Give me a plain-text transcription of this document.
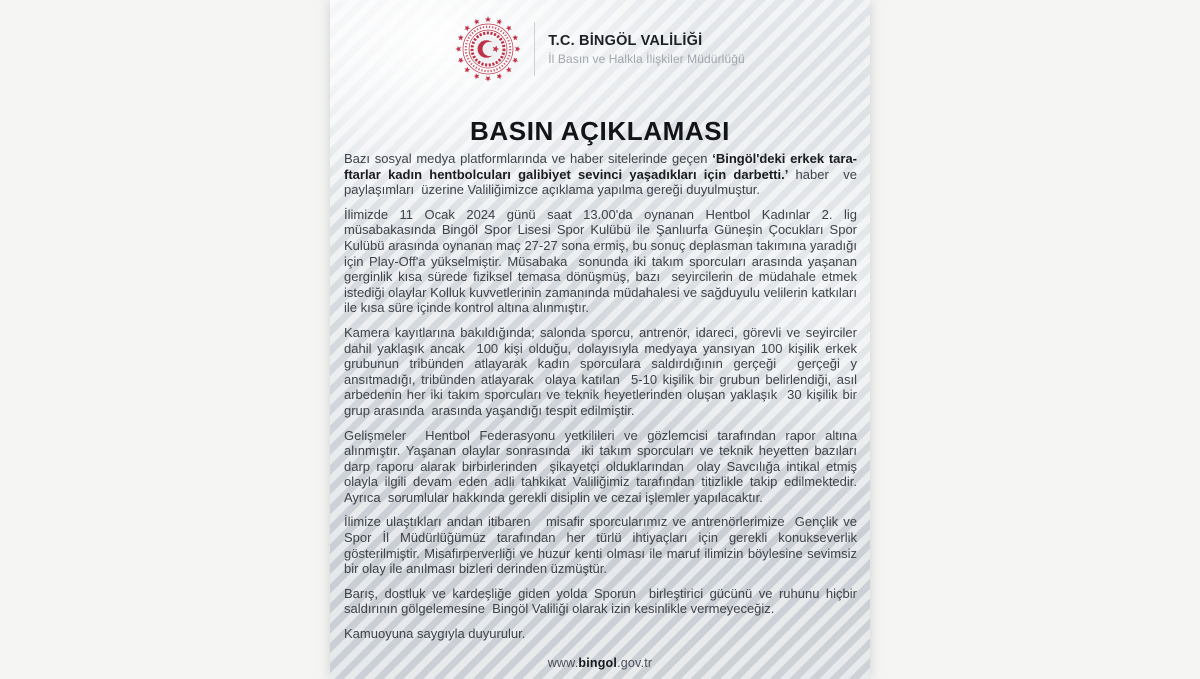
T.C. BİNGÖL VALİLİĞİ
İl Basın ve Halkla İlişkiler Müdürlüğü
BASIN AÇIKLAMASI

Bazı sosyal medya platformlarında ve haber sitelerinde geçen ‘Bingöl'deki erkek tara-ftarlar kadın hentbolcuları galibiyet sevinci yaşadıkları için darbetti.’ haber  ve paylaşımları  üzerine Valiliğimizce açıklama yapılma gereği duyulmuştur.

İlimizde 11 Ocak 2024 günü saat 13.00'da oynanan Hentbol Kadınlar 2. lig müsabakasında Bingöl Spor Lisesi Spor Kulübü ile Şanlıurfa Güneşin Çocukları Spor Kulübü arasında oynanan maç 27-27 sona ermiş, bu sonuç deplasman takımına yaradığı için Play-Off'a yükselmiştir. Müsabaka  sonunda iki takım sporcuları arasında yaşanan gerginlik kısa sürede fiziksel temasa dönüşmüş, bazı  seyircilerin de müdahale etmek istediği olaylar Kolluk kuvvetlerinin zamanında müdahalesi ve sağduyulu velilerin katkıları ile kısa süre içinde kontrol altına alınmıştır.

Kamera kayıtlarına bakıldığında; salonda sporcu, antrenör, idareci, görevli ve seyirciler dahil yaklaşık ancak  100 kişi olduğu, dolayısıyla medyaya yansıyan 100 kişilik erkek grubunun tribünden atlayarak kadın sporculara saldırdığının gerçeği  gerçeği y ansıtmadığı, tribünden atlayarak  olaya katılan  5-10 kişilik bir grubun belirlendiği, asıl arbedenin her iki takım sporcuları ve teknik heyetlerinden oluşan yaklaşık  30 kişilik bir grup arasında  arasında yaşandığı tespit edilmiştir.

Gelişmeler  Hentbol Federasyonu yetkilileri ve gözlemcisi tarafından rapor altına alınmıştır. Yaşanan olaylar sonrasında  iki takım sporcuları ve teknik heyetten bazıları darp raporu alarak birbirlerinden  şikayetçi olduklarından  olay Savcılığa intikal etmiş olayla ilgili devam eden adli tahkikat Valiliğimiz tarafından titizlikle takip edilmektedir. Ayrıca  sorumlular hakkında gerekli disiplin ve cezai işlemler yapılacaktır.

İlimize ulaştıkları andan itibaren   misafir sporcularımız ve antrenörlerimize  Gençlik ve Spor İl Müdürlüğümüz tarafından her türlü ihtiyaçları için gerekli konukseverlik gösterilmiştir. Misafirperverliği ve huzur kenti olması ile maruf ilimizin böylesine sevimsiz bir olay ile anılması bizleri derinden üzmüştür.

Barış, dostluk ve kardeşliğe giden yolda Sporun  birleştirici gücünü ve ruhunu hiçbir saldırının gölgelemesine  Bingöl Valiliği olarak izin kesinlikle vermeyeceğiz.

Kamuoyuna saygıyla duyurulur.

www.bingol.gov.tr
